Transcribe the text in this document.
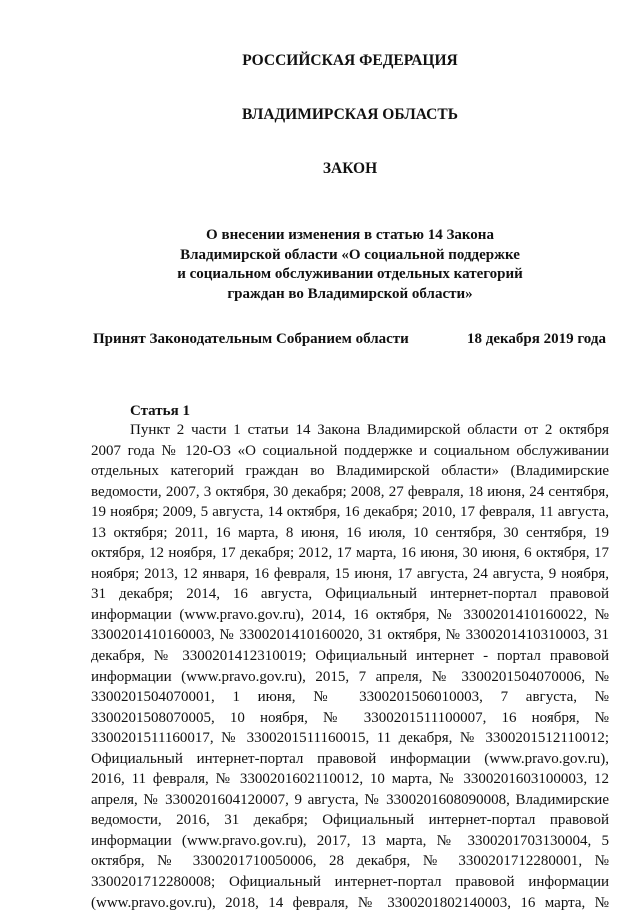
РОССИЙСКАЯ ФЕДЕРАЦИЯ
ВЛАДИМИРСКАЯ ОБЛАСТЬ
ЗАКОН
О внесении изменения в статью 14 Закона
Владимирской области «О социальной поддержке
и социальном обслуживании отдельных категорий
граждан во Владимирской области»
Принят Законодательным Собранием области	18 декабря 2019 года
Статья 1
Пункт 2 части 1 статьи 14 Закона Владимирской области от 2 октября
2007 года № 120-ОЗ «О социальной поддержке и социальном обслуживании
отдельных категорий граждан во Владимирской области» (Владимирские
ведомости, 2007, 3 октября, 30 декабря; 2008, 27 февраля, 18 июня, 24 сентября,
19 ноября; 2009, 5 августа, 14 октября, 16 декабря; 2010, 17 февраля, 11 августа,
13 октября; 2011, 16 марта, 8 июня, 16 июля, 10 сентября, 30 сентября, 19
октября, 12 ноября, 17 декабря; 2012, 17 марта, 16 июня, 30 июня, 6 октября, 17
ноября; 2013, 12 января, 16 февраля, 15 июня, 17 августа, 24 августа, 9 ноября,
31 декабря; 2014, 16 августа, Официальный интернет-портал правовой
информации (www.pravo.gov.ru), 2014, 16 октября, № 3300201410160022, №
3300201410160003, № 3300201410160020, 31 октября, № 3300201410310003, 31
декабря, № 3300201412310019; Официальный интернет - портал правовой
информации (www.pravo.gov.ru), 2015, 7 апреля, № 3300201504070006, №
3300201504070001, 1 июня, № 3300201506010003, 7 августа, №
3300201508070005, 10 ноября, № 3300201511100007, 16 ноября, №
3300201511160017, № 3300201511160015, 11 декабря, № 3300201512110012;
Официальный интернет-портал правовой информации (www.pravo.gov.ru),
2016, 11 февраля, № 3300201602110012, 10 марта, № 3300201603100003, 12
апреля, № 3300201604120007, 9 августа, № 3300201608090008, Владимирские
ведомости, 2016, 31 декабря; Официальный интернет-портал правовой
информации (www.pravo.gov.ru), 2017, 13 марта, № 3300201703130004, 5
октября, № 3300201710050006, 28 декабря, № 3300201712280001, №
3300201712280008; Официальный интернет-портал правовой информации
(www.pravo.gov.ru), 2018, 14 февраля, № 3300201802140003, 16 марта, №
